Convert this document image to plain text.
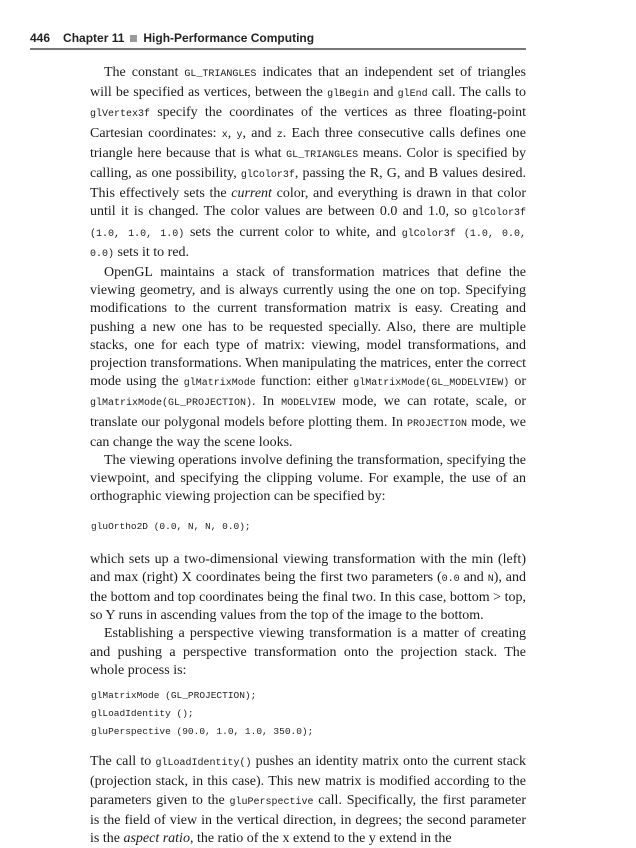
446 Chapter 11 High-Performance Computing

The constant GL_TRIANGLES indicates that an independent set of triangles will be specified as vertices, between the glBegin and glEnd call. The calls to glVertex3f specify the coordinates of the vertices as three floating-point Cartesian coordinates: x, y, and z. Each three consecutive calls defines one triangle here because that is what GL_TRIANGLES means. Color is specified by calling, as one possibility, glColor3f, passing the R, G, and B values desired. This effectively sets the current color, and everything is drawn in that color until it is changed. The color values are between 0.0 and 1.0, so glColor3f (1.0, 1.0, 1.0) sets the current color to white, and glColor3f (1.0, 0.0, 0.0) sets it to red.

OpenGL maintains a stack of transformation matrices that define the viewing geometry, and is always currently using the one on top. Specifying modifications to the current transformation matrix is easy. Creating and pushing a new one has to be requested specially. Also, there are multiple stacks, one for each type of matrix: viewing, model transformations, and projection transformations. When manipulating the matrices, enter the correct mode using the glMatrixMode function: either glMatrixMode(GL_MODELVIEW) or glMatrixMode(GL_PROJECTION). In MODELVIEW mode, we can rotate, scale, or translate our polygonal models before plotting them. In PROJECTION mode, we can change the way the scene looks.

The viewing operations involve defining the transformation, specifying the viewpoint, and specifying the clipping volume. For example, the use of an orthographic viewing projection can be specified by:

gluOrtho2D (0.0, N, N, 0.0);

which sets up a two-dimensional viewing transformation with the min (left) and max (right) X coordinates being the first two parameters (0.0 and N), and the bottom and top coordinates being the final two. In this case, bottom > top, so Y runs in ascending values from the top of the image to the bottom.

Establishing a perspective viewing transformation is a matter of creating and pushing a perspective transformation onto the projection stack. The whole process is:

glMatrixMode (GL_PROJECTION);
glLoadIdentity ();
gluPerspective (90.0, 1.0, 1.0, 350.0);

The call to glLoadIdentity() pushes an identity matrix onto the current stack (projection stack, in this case). This new matrix is modified according to the parameters given to the gluPerspective call. Specifically, the first parameter is the field of view in the vertical direction, in degrees; the second parameter is the aspect ratio, the ratio of the x extend to the y extend in the
